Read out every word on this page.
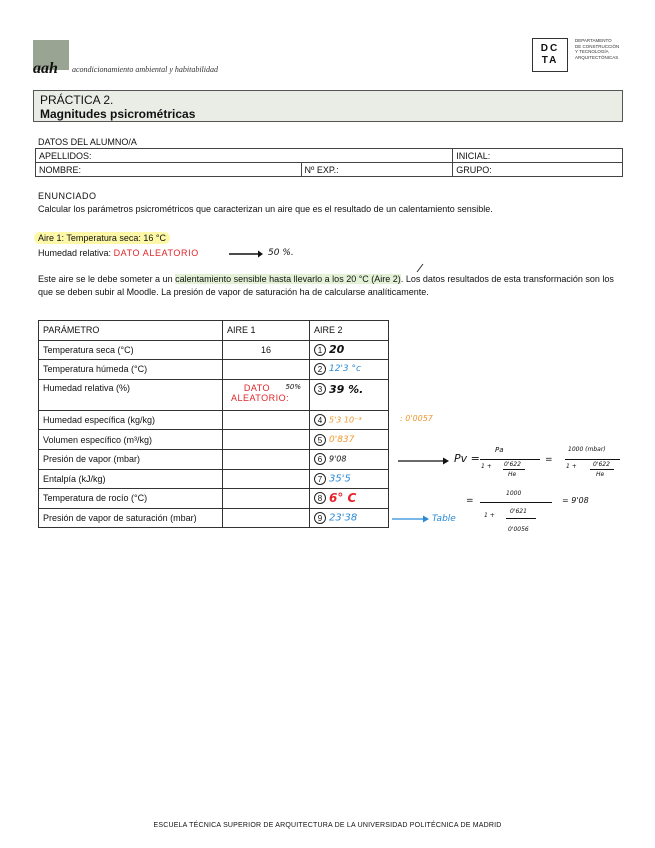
aah acondicionamiento ambiental y habitabilidad
DC
TA
DEPARTAMENTO
DE CONSTRUCCIÓN
Y TECNOLOGÍA
ARQUITECTÓNICAS
PRÁCTICA 2.
Magnitudes psicrométricas
DATOS DEL ALUMNO/A
APELLIDOS:		INICIAL:
NOMBRE:	Nº EXP.:	GRUPO:
ENUNCIADO
Calcular los parámetros psicrométricos que caracterizan un aire que es el resultado de un calentamiento sensible.
Aire 1: Temperatura seca: 16 °C
Humedad relativa: DATO ALEATORIO	50 %.
Este aire se le debe someter a un calentamiento sensible hasta llevarlo a los 20 °C (Aire 2). Los datos resultados de esta transformación son los que se deben subir al Moodle. La presión de vapor de saturación ha de calcularse analíticamente.
PARÁMETRO	AIRE 1	AIRE 2
Temperatura seca (°C)	16	1 20
Temperatura húmeda (°C)		2 12'3 °c
Humedad relativa (%)	DATO ALEATORIO: $^{50\%}$	3 39 %.
Humedad específica (kg/kg)		4 5'3 10⁻³
Volumen específico (m³/kg)		5 0'837
Presión de vapor (mbar)		6 9'08
Entalpía (kJ/kg)		7 35'5
Temperatura de rocío (°C)		8 6° C
Presión de vapor de saturación (mbar)		9 23'38
: 0'0057
Pv =
Pa
1 + 0'622
He
=
1000 (mbar)
1 +	0'622
He
=
1000
1 +
0'621
0'0056
= 9'08
Table
ESCUELA TÉCNICA SUPERIOR DE ARQUITECTURA DE LA UNIVERSIDAD POLITÉCNICA DE MADRID
